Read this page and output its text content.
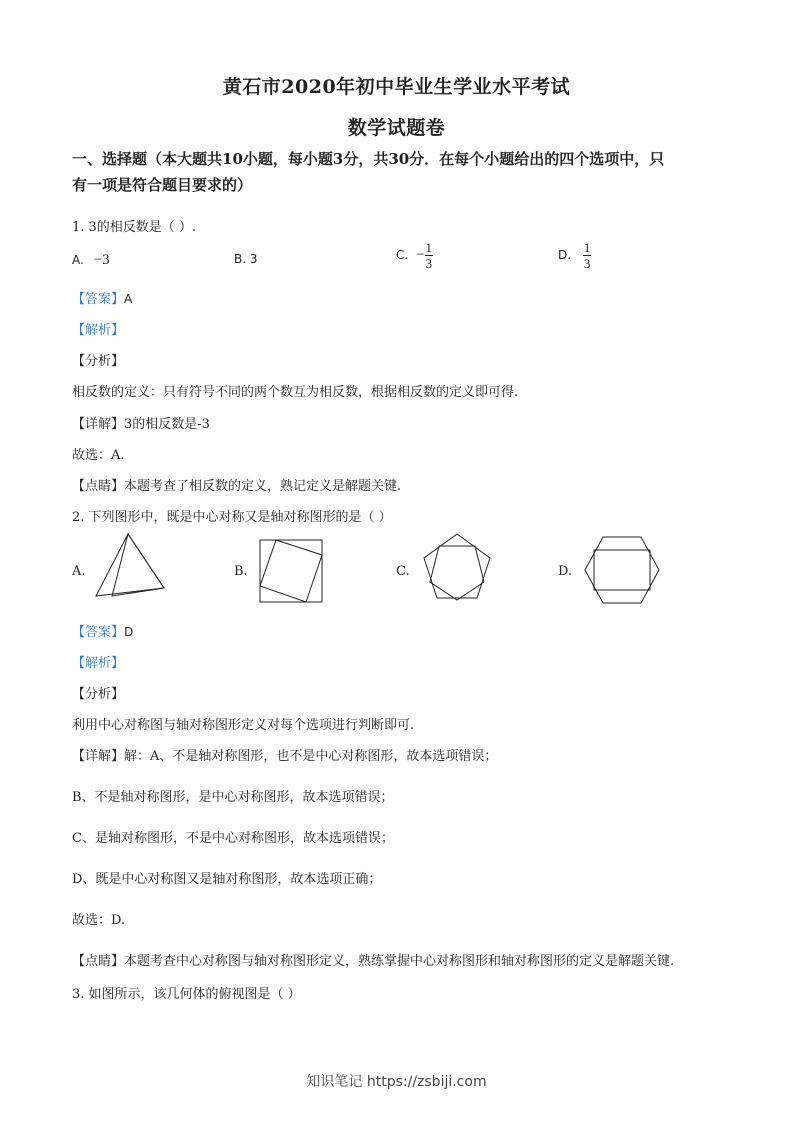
黄石市2020年初中毕业生学业水平考试
数学试题卷
一、选择题（本大题共10小题，每小题3分，共30分．在每个小题给出的四个选项中，只
有一项是符合题目要求的）
1. 3的相反数是（ ）.
A. −3	B. 3	C. − $\frac{1}{3}$	D. $\frac{1}{3}$
【答案】A
【解析】
【分析】
相反数的定义：只有符号不同的两个数互为相反数，根据相反数的定义即可得.
【详解】3的相反数是-3
故选：A.
【点睛】本题考查了相反数的定义，熟记定义是解题关键.
2. 下列图形中，既是中心对称又是轴对称图形的是（ ）
A.	B.	C.	D.
【答案】D
【解析】
【分析】
利用中心对称图与轴对称图形定义对每个选项进行判断即可.
【详解】解：A、不是轴对称图形，也不是中心对称图形，故本选项错误；
B、不是轴对称图形，是中心对称图形，故本选项错误；
C、是轴对称图形，不是中心对称图形，故本选项错误；
D、既是中心对称图又是轴对称图形，故本选项正确；
故选：D.
【点睛】本题考查中心对称图与轴对称图形定义，熟练掌握中心对称图形和轴对称图形的定义是解题关键.
3. 如图所示，该几何体的俯视图是（ ）
知识笔记 https://zsbiji.com
